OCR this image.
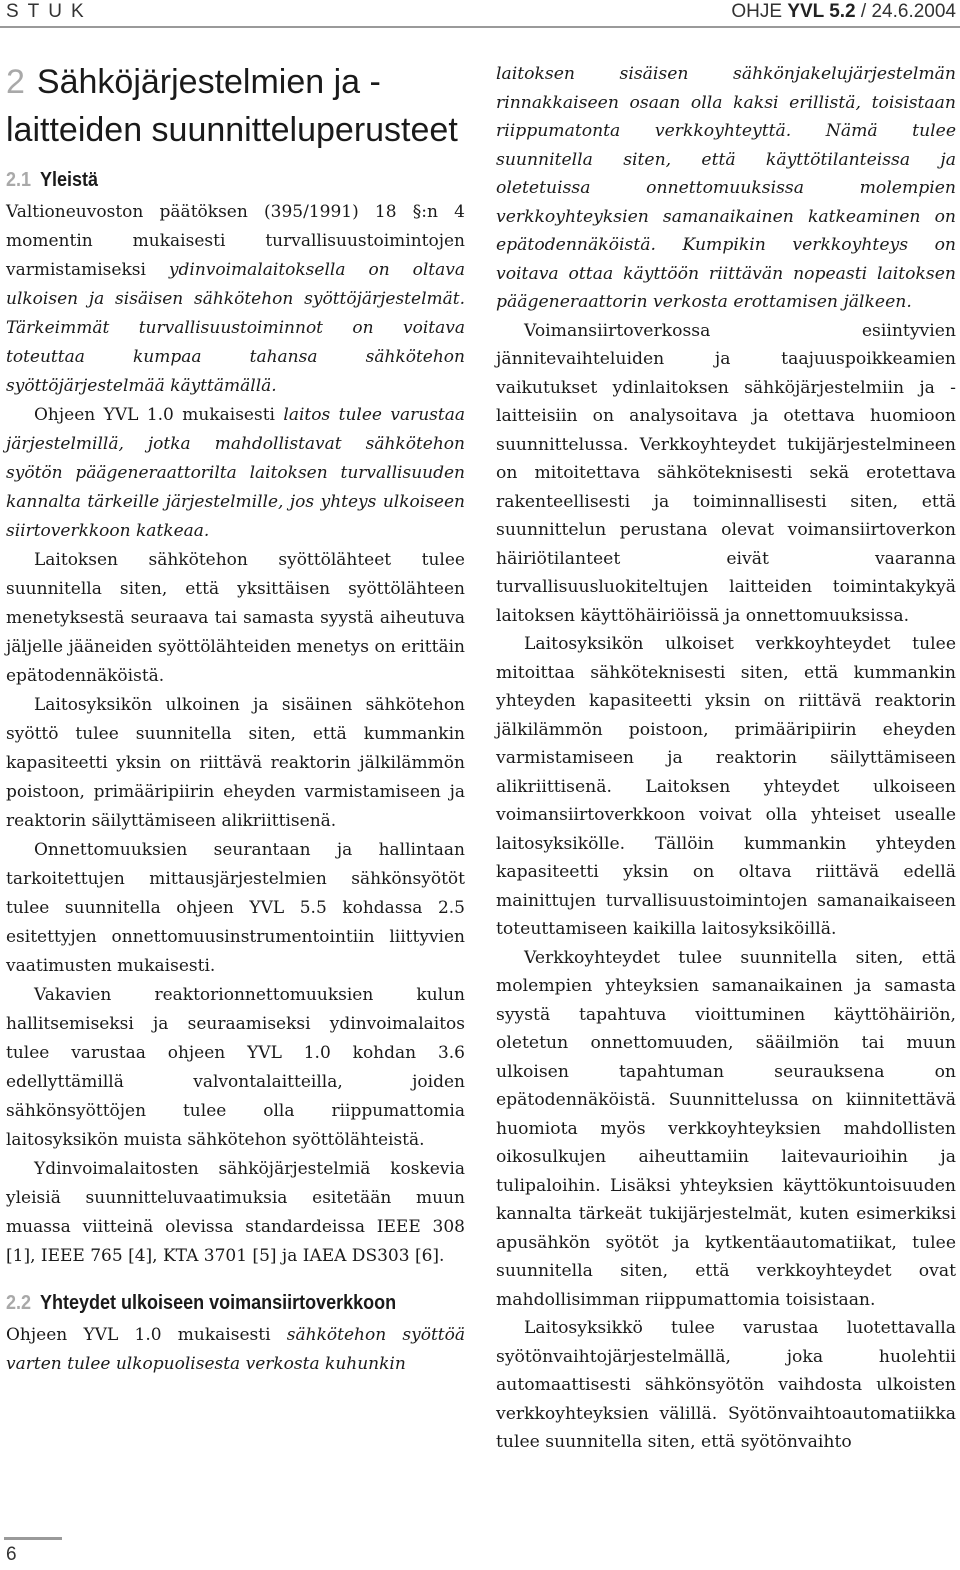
STUK	OHJE YVL 5.2 / 24.6.2004
2 Sähköjärjestelmien ja -laitteiden suunnitteluperusteet
2.1 Yleistä

Valtioneuvoston päätöksen (395/1991) 18 §:n 4 momentin mukaisesti turvallisuustoimintojen varmistamiseksi ydinvoimalaitoksella on oltava ulkoisen ja sisäisen sähkötehon syöttöjärjestelmät. Tärkeimmät turvallisuustoiminnot on voitava toteuttaa kumpaa tahansa sähkötehon syöttöjärjestelmää käyttämällä.

Ohjeen YVL 1.0 mukaisesti laitos tulee varustaa järjestelmillä, jotka mahdollistavat sähkötehon syötön päägeneraattorilta laitoksen turvallisuuden kannalta tärkeille järjestelmille, jos yhteys ulkoiseen siirtoverkkoon katkeaa.

Laitoksen sähkötehon syöttölähteet tulee suunnitella siten, että yksittäisen syöttölähteen menetyksestä seuraava tai samasta syystä aiheutuva jäljelle jääneiden syöttölähteiden menetys on erittäin epätodennäköistä.

Laitosyksikön ulkoinen ja sisäinen sähkötehon syöttö tulee suunnitella siten, että kummankin kapasiteetti yksin on riittävä reaktorin jälkilämmön poistoon, primääripiirin eheyden varmistamiseen ja reaktorin säilyttämiseen alikriittisenä.

Onnettomuuksien seurantaan ja hallintaan tarkoitettujen mittausjärjestelmien sähkönsyötöt tulee suunnitella ohjeen YVL 5.5 kohdassa 2.5 esitettyjen onnettomuusinstrumentointiin liittyvien vaatimusten mukaisesti.

Vakavien reaktorionnettomuuksien kulun hallitsemiseksi ja seuraamiseksi ydinvoimalaitos tulee varustaa ohjeen YVL 1.0 kohdan 3.6 edellyttämillä valvontalaitteilla, joiden sähkönsyöttöjen tulee olla riippumattomia laitosyksikön muista sähkötehon syöttölähteistä.

Ydinvoimalaitosten sähköjärjestelmiä koskevia yleisiä suunnitteluvaatimuksia esitetään muun muassa viitteinä olevissa standardeissa IEEE 308 [1], IEEE 765 [4], KTA 3701 [5] ja IAEA DS303 [6].

2.2 Yhteydet ulkoiseen voimansiirtoverkkoon

Ohjeen YVL 1.0 mukaisesti sähkötehon syöttöä varten tulee ulkopuolisesta verkosta kuhunkin

laitoksen sisäisen sähkönjakelujärjestelmän rinnakkaiseen osaan olla kaksi erillistä, toisistaan riippumatonta verkkoyhteyttä. Nämä tulee suunnitella siten, että käyttötilanteissa ja oletetuissa onnettomuuksissa molempien verkkoyhteyksien samanaikainen katkeaminen on epätodennäköistä. Kumpikin verkkoyhteys on voitava ottaa käyttöön riittävän nopeasti laitoksen päägeneraattorin verkosta erottamisen jälkeen.

Voimansiirtoverkossa esiintyvien jännitevaihteluiden ja taajuuspoikkeamien vaikutukset ydinlaitoksen sähköjärjestelmiin ja -laitteisiin on analysoitava ja otettava huomioon suunnittelussa. Verkkoyhteydet tukijärjestelmineen on mitoitettava sähköteknisesti sekä erotettava rakenteellisesti ja toiminnallisesti siten, että suunnittelun perustana olevat voimansiirtoverkon häiriötilanteet eivät vaaranna turvallisuusluokiteltujen laitteiden toimintakykyä laitoksen käyttöhäiriöissä ja onnettomuuksissa.

Laitosyksikön ulkoiset verkkoyhteydet tulee mitoittaa sähköteknisesti siten, että kummankin yhteyden kapasiteetti yksin on riittävä reaktorin jälkilämmön poistoon, primääripiirin eheyden varmistamiseen ja reaktorin säilyttämiseen alikriittisenä. Laitoksen yhteydet ulkoiseen voimansiirtoverkkoon voivat olla yhteiset usealle laitosyksikölle. Tällöin kummankin yhteyden kapasiteetti yksin on oltava riittävä edellä mainittujen turvallisuustoimintojen samanaikaiseen toteuttamiseen kaikilla laitosyksiköillä.

Verkkoyhteydet tulee suunnitella siten, että molempien yhteyksien samanaikainen ja samasta syystä tapahtuva vioittuminen käyttöhäiriön, oletetun onnettomuuden, sääilmiön tai muun ulkoisen tapahtuman seurauksena on epätodennäköistä. Suunnittelussa on kiinnitettävä huomiota myös verkkoyhteyksien mahdollisten oikosulkujen aiheuttamiin laitevaurioihin ja tulipaloihin. Lisäksi yhteyksien käyttökuntoisuuden kannalta tärkeät tukijärjestelmät, kuten esimerkiksi apusähkön syötöt ja kytkentäautomatiikat, tulee suunnitella siten, että verkkoyhteydet ovat mahdollisimman riippumattomia toisistaan.

Laitosyksikkö tulee varustaa luotettavalla syötönvaihtojärjestelmällä, joka huolehtii automaattisesti sähkönsyötön vaihdosta ulkoisten verkkoyhteyksien välillä. Syötönvaihtoautomatiikka tulee suunnitella siten, että syötönvaihto

6
